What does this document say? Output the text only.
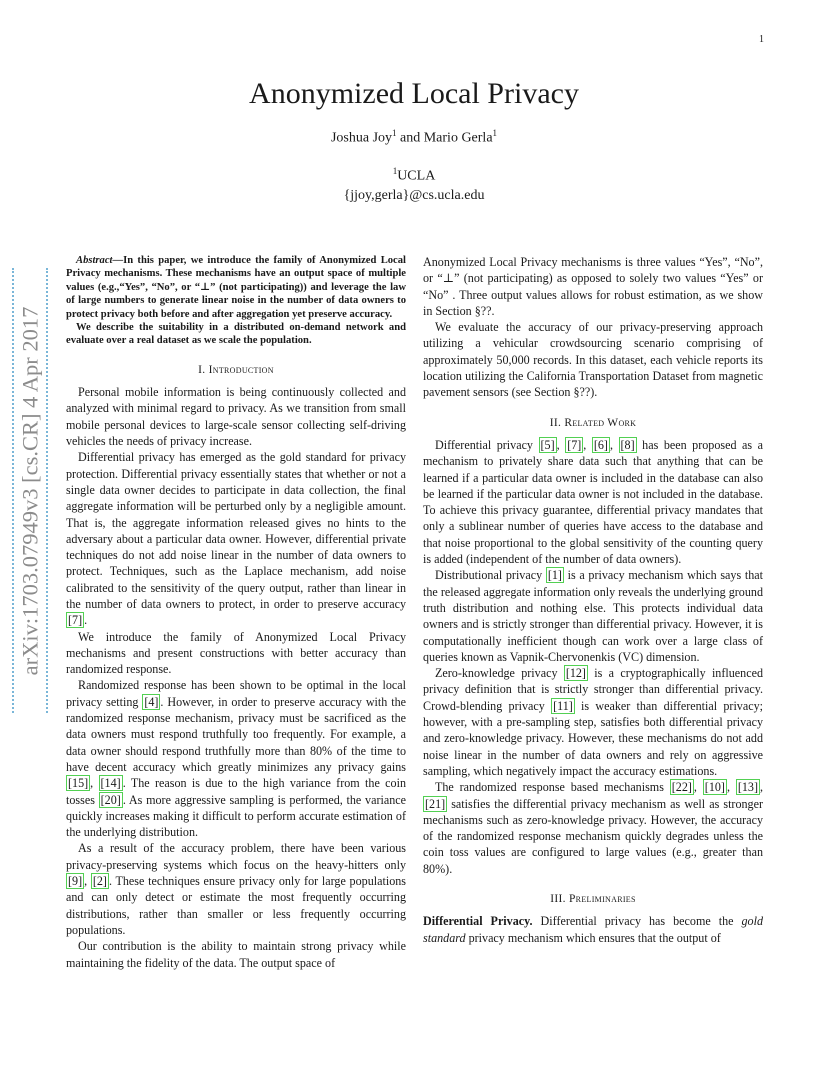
1
arXiv:1703.07949v3 [cs.CR] 4 Apr 2017
Anonymized Local Privacy
Joshua Joy$^1$ and Mario Gerla$^1$
$^1$UCLA
{jjoy,gerla}@cs.ucla.edu

Abstract—In this paper, we introduce the family of Anonymized Local Privacy mechanisms. These mechanisms have an output space of multiple values (e.g.,“Yes”, “No”, or “⊥” (not participating)) and leverage the law of large numbers to generate linear noise in the number of data owners to protect privacy both before and after aggregation yet preserve accuracy.

We describe the suitability in a distributed on-demand network and evaluate over a real dataset as we scale the population.

I. Introduction

Personal mobile information is being continuously collected and analyzed with minimal regard to privacy. As we transition from small mobile personal devices to large-scale sensor collecting self-driving vehicles the needs of privacy increase.

Differential privacy has emerged as the gold standard for privacy protection. Differential privacy essentially states that whether or not a single data owner decides to participate in data collection, the final aggregate information will be perturbed only by a negligible amount. That is, the aggregate information released gives no hints to the adversary about a particular data owner. However, differential private techniques do not add noise linear in the number of data owners to protect. Techniques, such as the Laplace mechanism, add noise calibrated to the sensitivity of the query output, rather than linear in the number of data owners to protect, in order to preserve accuracy [7] .

We introduce the family of Anonymized Local Privacy mechanisms and present constructions with better accuracy than randomized response.

Randomized response has been shown to be optimal in the local privacy setting [4] . However, in order to preserve accuracy with the randomized response mechanism, privacy must be sacrificed as the data owners must respond truthfully too frequently. For example, a data owner should respond truthfully more than 80% of the time to have decent accuracy which greatly minimizes any privacy gains [15] , [14] . The reason is due to the high variance from the coin tosses [20] . As more aggressive sampling is performed, the variance quickly increases making it difficult to perform accurate estimation of the underlying distribution.

As a result of the accuracy problem, there have been various privacy-preserving systems which focus on the heavy-hitters only [9] , [2] . These techniques ensure privacy only for large populations and can only detect or estimate the most frequently occurring distributions, rather than smaller or less frequently occurring populations.

Our contribution is the ability to maintain strong privacy while maintaining the fidelity of the data. The output space of

Anonymized Local Privacy mechanisms is three values “Yes”, “No”, or “⊥” (not participating) as opposed to solely two values “Yes” or “No” . Three output values allows for robust estimation, as we show in Section §??.

We evaluate the accuracy of our privacy-preserving approach utilizing a vehicular crowdsourcing scenario comprising of approximately 50,000 records. In this dataset, each vehicle reports its location utilizing the California Transportation Dataset from magnetic pavement sensors (see Section §??).

II. Related Work

Differential privacy [5] , [7] , [6] , [8] has been proposed as a mechanism to privately share data such that anything that can be learned if a particular data owner is included in the database can also be learned if the particular data owner is not included in the database. To achieve this privacy guarantee, differential privacy mandates that only a sublinear number of queries have access to the database and that noise proportional to the global sensitivity of the counting query is added (independent of the number of data owners).

Distributional privacy [1] is a privacy mechanism which says that the released aggregate information only reveals the underlying ground truth distribution and nothing else. This protects individual data owners and is strictly stronger than differential privacy. However, it is computationally inefficient though can work over a large class of queries known as Vapnik-Chervonenkis (VC) dimension.

Zero-knowledge privacy [12] is a cryptographically influenced privacy definition that is strictly stronger than differential privacy. Crowd-blending privacy [11] is weaker than differential privacy; however, with a pre-sampling step, satisfies both differential privacy and zero-knowledge privacy. However, these mechanisms do not add noise linear in the number of data owners and rely on aggressive sampling, which negatively impact the accuracy estimations.

The randomized response based mechanisms [22] , [10] , [13] , [21] satisfies the differential privacy mechanism as well as stronger mechanisms such as zero-knowledge privacy. However, the accuracy of the randomized response mechanism quickly degrades unless the coin toss values are configured to large values (e.g., greater than 80%).

III. Preliminaries

Differential Privacy. Differential privacy has become the gold standard privacy mechanism which ensures that the output of
